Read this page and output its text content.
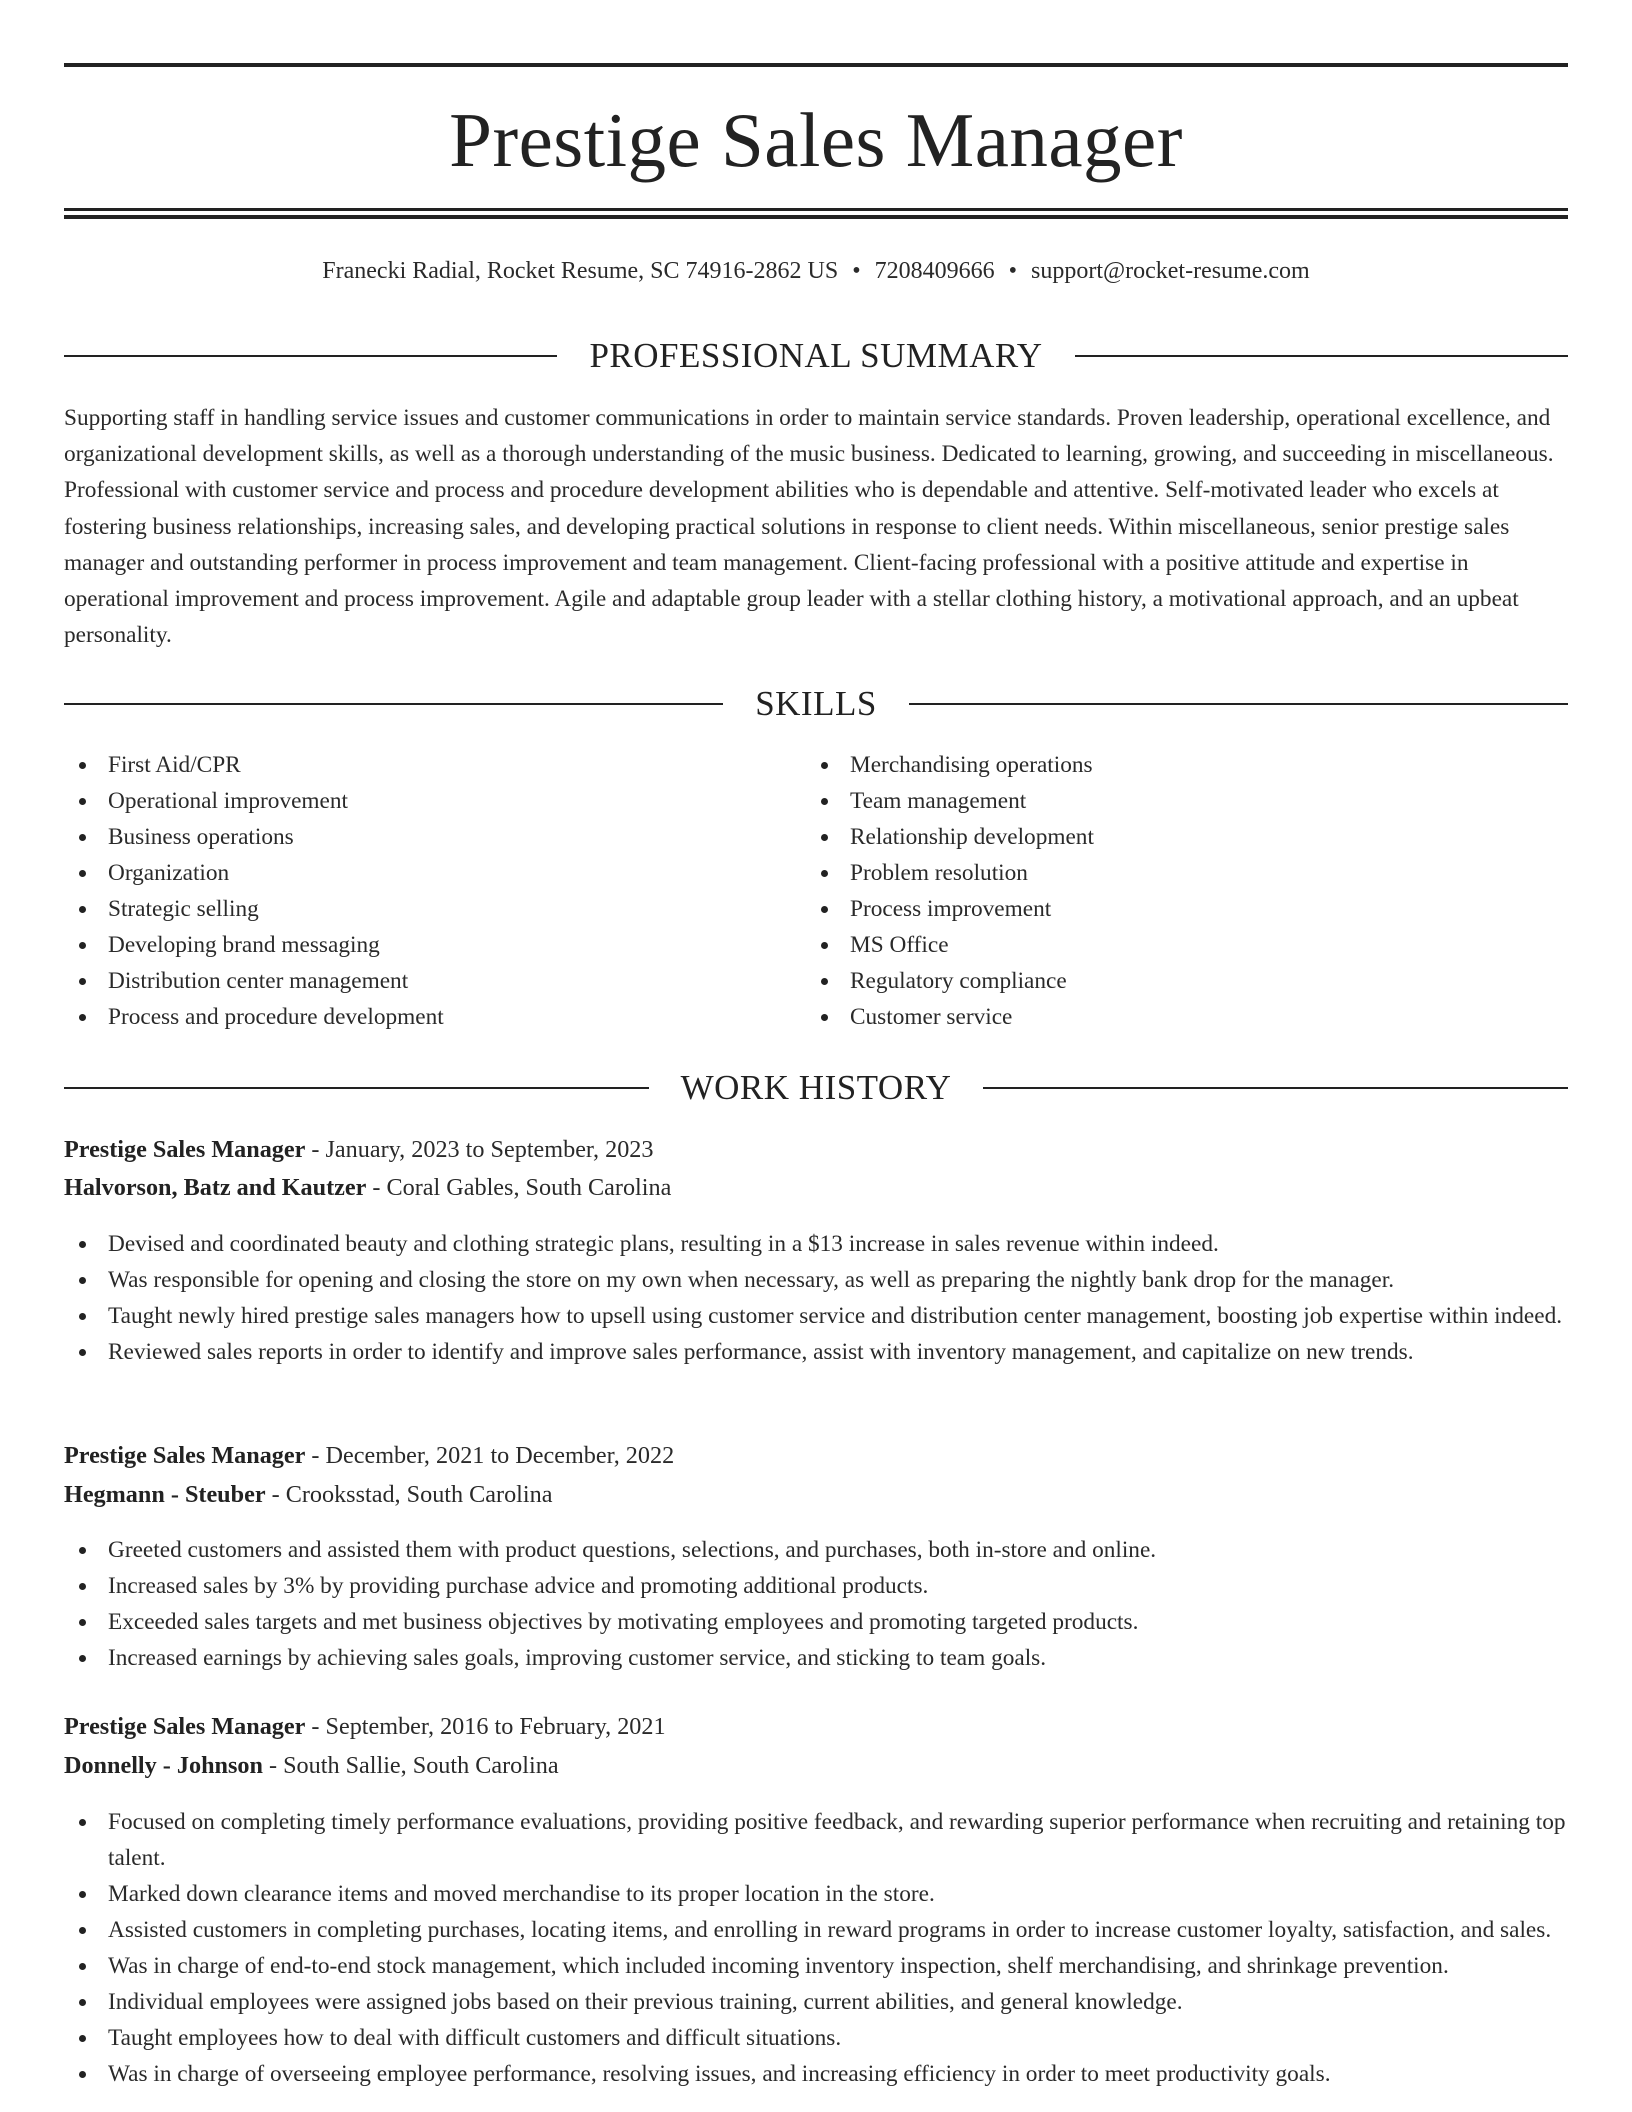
Prestige Sales Manager
Franecki Radial, Rocket Resume, SC 74916-2862 US • 7208409666 • support@rocket-resume.com
PROFESSIONAL SUMMARY
Supporting staff in handling service issues and customer communications in order to maintain service standards. Proven leadership, operational excellence, and organizational development skills, as well as a thorough understanding of the music business. Dedicated to learning, growing, and succeeding in miscellaneous. Professional with customer service and process and procedure development abilities who is dependable and attentive. Self-motivated leader who excels at fostering business relationships, increasing sales, and developing practical solutions in response to client needs. Within miscellaneous, senior prestige sales manager and outstanding performer in process improvement and team management. Client-facing professional with a positive attitude and expertise in operational improvement and process improvement. Agile and adaptable group leader with a stellar clothing history, a motivational approach, and an upbeat personality.
SKILLS
First Aid/CPR
Operational improvement
Business operations
Organization
Strategic selling
Developing brand messaging
Distribution center management
Process and procedure development
Merchandising operations
Team management
Relationship development
Problem resolution
Process improvement
MS Office
Regulatory compliance
Customer service
WORK HISTORY
Prestige Sales Manager - January, 2023 to September, 2023
Halvorson, Batz and Kautzer - Coral Gables, South Carolina
Devised and coordinated beauty and clothing strategic plans, resulting in a $13 increase in sales revenue within indeed.
Was responsible for opening and closing the store on my own when necessary, as well as preparing the nightly bank drop for the manager.
Taught newly hired prestige sales managers how to upsell using customer service and distribution center management, boosting job expertise within indeed.
Reviewed sales reports in order to identify and improve sales performance, assist with inventory management, and capitalize on new trends.
Prestige Sales Manager - December, 2021 to December, 2022
Hegmann - Steuber - Crooksstad, South Carolina
Greeted customers and assisted them with product questions, selections, and purchases, both in-store and online.
Increased sales by 3% by providing purchase advice and promoting additional products.
Exceeded sales targets and met business objectives by motivating employees and promoting targeted products.
Increased earnings by achieving sales goals, improving customer service, and sticking to team goals.
Prestige Sales Manager - September, 2016 to February, 2021
Donnelly - Johnson - South Sallie, South Carolina
Focused on completing timely performance evaluations, providing positive feedback, and rewarding superior performance when recruiting and retaining top talent.
Marked down clearance items and moved merchandise to its proper location in the store.
Assisted customers in completing purchases, locating items, and enrolling in reward programs in order to increase customer loyalty, satisfaction, and sales.
Was in charge of end-to-end stock management, which included incoming inventory inspection, shelf merchandising, and shrinkage prevention.
Individual employees were assigned jobs based on their previous training, current abilities, and general knowledge.
Taught employees how to deal with difficult customers and difficult situations.
Was in charge of overseeing employee performance, resolving issues, and increasing efficiency in order to meet productivity goals.
